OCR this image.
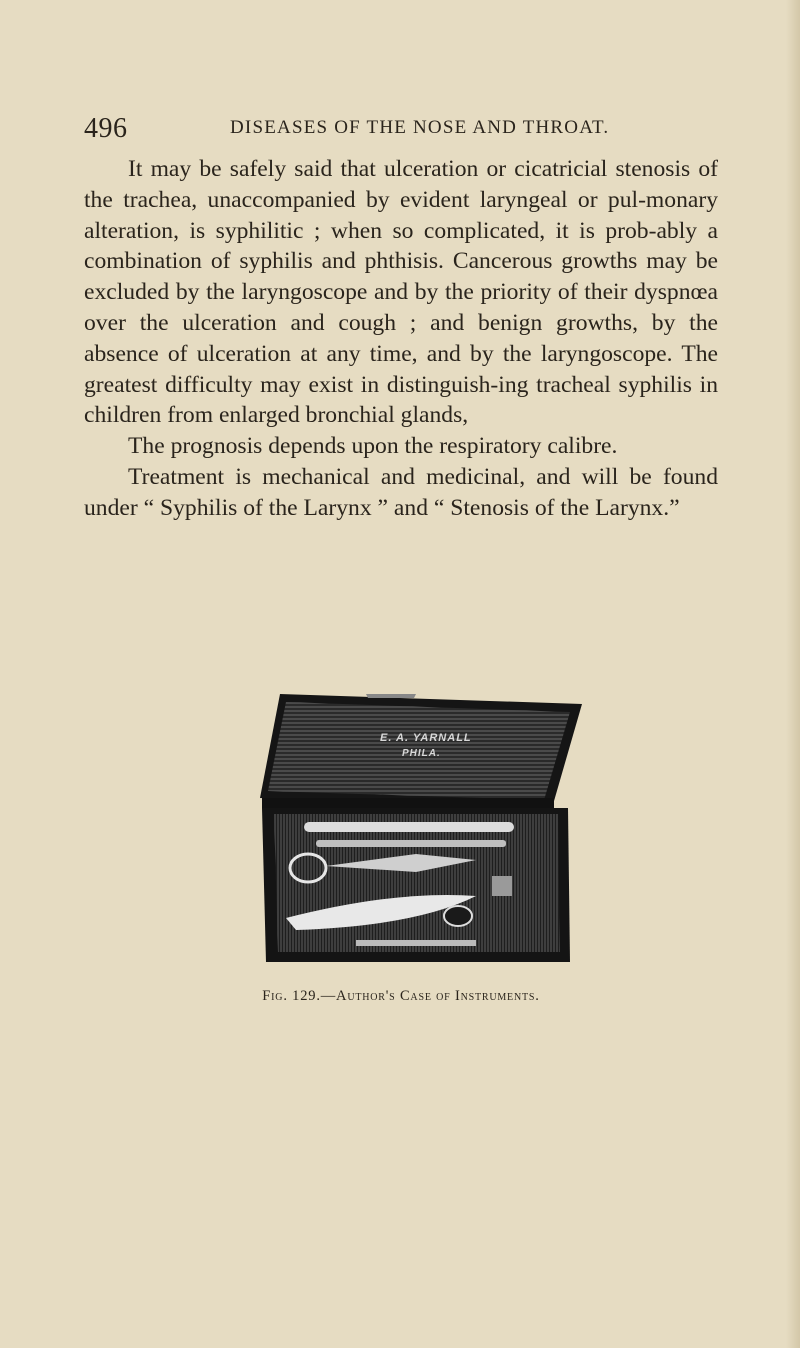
496	DISEASES OF THE NOSE AND THROAT.

It may be safely said that ulceration or cicatricial stenosis of the trachea, unaccompanied by evident laryngeal or pul-monary alteration, is syphilitic ; when so complicated, it is prob-ably a combination of syphilis and phthisis. Cancerous growths may be excluded by the laryngoscope and by the priority of their dyspnœa over the ulceration and cough ; and benign growths, by the absence of ulceration at any time, and by the laryngoscope. The greatest difficulty may exist in distinguish-ing tracheal syphilis in children from enlarged bronchial glands,

The prognosis depends upon the respiratory calibre.

Treatment is mechanical and medicinal, and will be found under “ Syphilis of the Larynx ” and “ Stenosis of the Larynx.”

E. A. YARNALL
PHILA.
Fig. 129.—Author's Case of Instruments.
